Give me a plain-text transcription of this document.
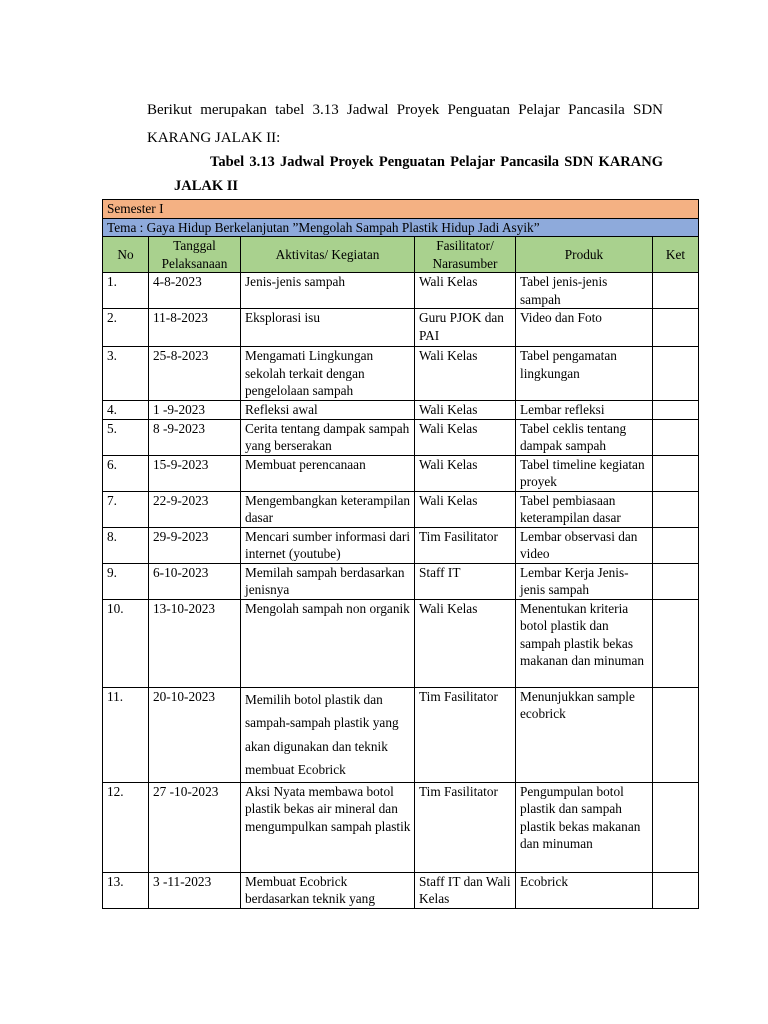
Berikut merupakan tabel 3.13 Jadwal Proyek Penguatan Pelajar Pancasila SDN
KARANG JALAK II:
Tabel 3.13 Jadwal Proyek Penguatan Pelajar Pancasila SDN KARANG
JALAK II
Semester I					
Tema : Gaya Hidup Berkelanjutan ”Mengolah Sampah Plastik Hidup Jadi Asyik”					
No	Tanggal Pelaksanaan	Aktivitas/ Kegiatan	Fasilitator/ Narasumber	Produk	Ket
1.	4-8-2023	Jenis-jenis sampah	Wali Kelas	Tabel jenis-jenis sampah	
2.	11-8-2023	Eksplorasi isu	Guru PJOK dan PAI	Video dan Foto	
3.	25-8-2023	Mengamati Lingkungan sekolah terkait dengan pengelolaan sampah	Wali Kelas	Tabel pengamatan lingkungan	
4.	1 -9-2023	Refleksi awal	Wali Kelas	Lembar refleksi	
5.	8 -9-2023	Cerita tentang dampak sampah yang berserakan	Wali Kelas	Tabel ceklis tentang dampak sampah	
6.	15-9-2023	Membuat perencanaan	Wali Kelas	Tabel timeline kegiatan proyek	
7.	22-9-2023	Mengembangkan keterampilan dasar	Wali Kelas	Tabel pembiasaan keterampilan dasar	
8.	29-9-2023	Mencari sumber informasi dari internet (youtube)	Tim Fasilitator	Lembar observasi dan video	
9.	6-10-2023	Memilah sampah berdasarkan jenisnya	Staff IT	Lembar Kerja Jenis-jenis sampah	
10.	13-10-2023	Mengolah sampah non organik	Wali Kelas	Menentukan kriteria botol plastik dan sampah plastik bekas makanan dan minuman	
11.	20-10-2023	Memilih botol plastik dan sampah-sampah plastik yang akan digunakan dan teknik membuat Ecobrick	Tim Fasilitator	Menunjukkan sample ecobrick	
12.	27 -10-2023	Aksi Nyata membawa botol plastik bekas air mineral dan mengumpulkan sampah plastik	Tim Fasilitator	Pengumpulan botol plastik dan sampah plastik bekas makanan dan minuman	
13.	3 -11-2023	Membuat Ecobrick berdasarkan teknik yang	Staff IT dan Wali Kelas	Ecobrick	
